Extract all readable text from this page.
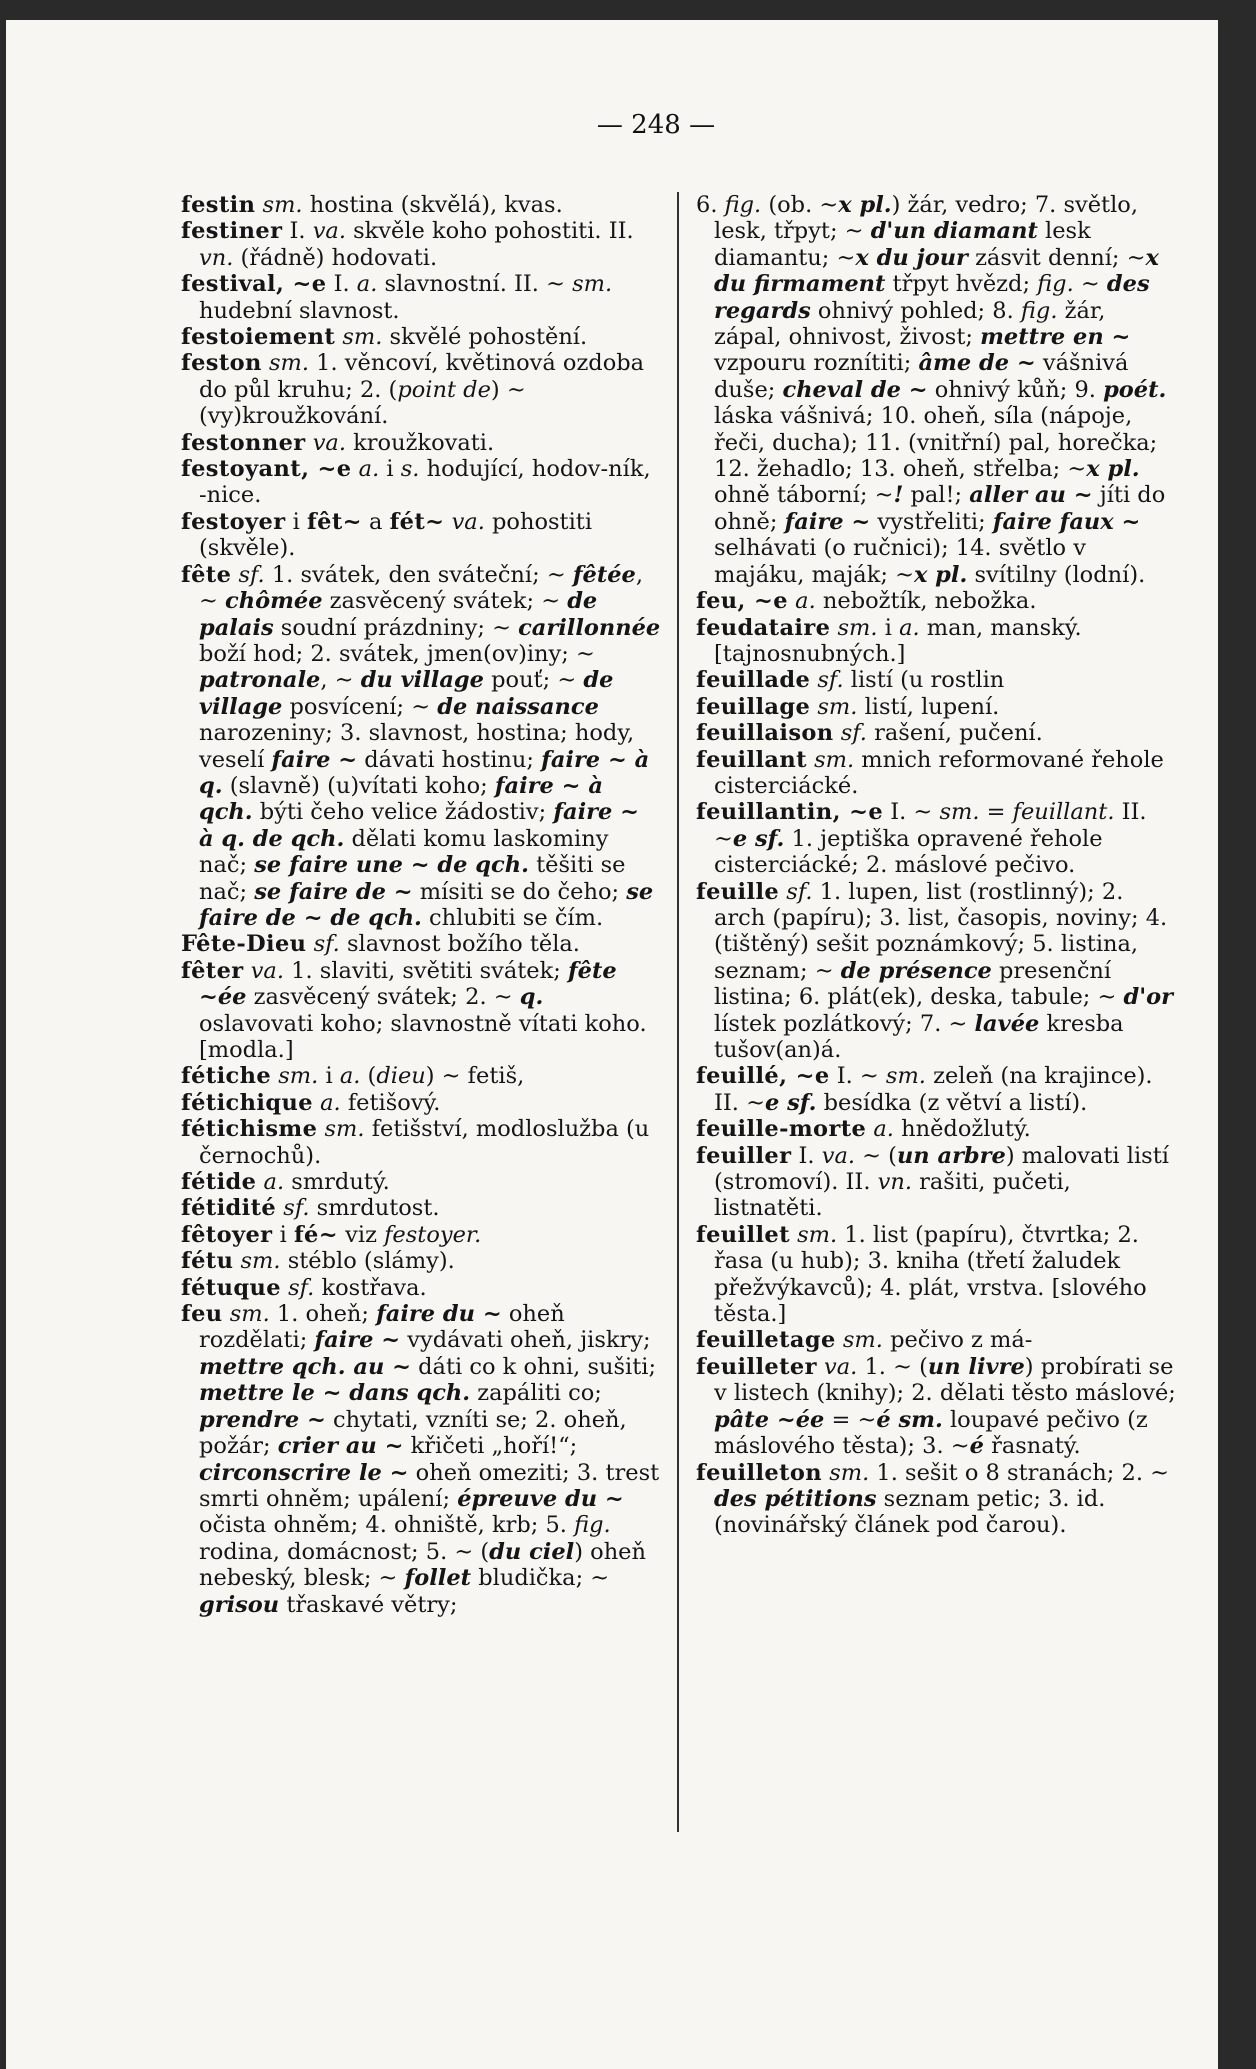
— 248 —

festin sm. hostina (skvělá), kvas.

festiner I. va. skvěle koho pohostiti. II. vn. (řádně) hodovati.

festival, ~e I. a. slavnostní. II. ~ sm. hudební slavnost.

festoiement sm. skvělé pohostění.

feston sm. 1. věncoví, květinová ozdoba do půl kruhu; 2. (point de) ~ (vy)kroužkování.

festonner va. kroužkovati.

festoyant, ~e a. i s. hodující, hodov-ník, -nice.

festoyer i fêt~ a fét~ va. pohostiti (skvěle).

fête sf. 1. svátek, den sváteční; ~ fêtée, ~ chômée zasvěcený svátek; ~ de palais soudní prázdniny; ~ carillonnée boží hod; 2. svátek, jmen(ov)iny; ~ patronale, ~ du village pouť; ~ de village posvícení; ~ de naissance narozeniny; 3. slavnost, hostina; hody, veselí faire ~ dávati hostinu; faire ~ à q. (slavně) (u)vítati koho; faire ~ à qch. býti čeho velice žádostiv; faire ~ à q. de qch. dělati komu laskominy nač; se faire une ~ de qch. těšiti se nač; se faire de ~ mísiti se do čeho; se faire de ~ de qch. chlubiti se čím.

Fête-Dieu sf. slavnost božího těla.

fêter va. 1. slaviti, světiti svátek; fête ~ée zasvěcený svátek; 2. ~ q. oslavovati koho; slavnostně vítati koho. [modla.]

fétiche sm. i a. (dieu) ~ fetiš,

fétichique a. fetišový.

fétichisme sm. fetišství, modloslužba (u černochů).

fétide a. smrdutý.

fétidité sf. smrdutost.

fêtoyer i fé~ viz festoyer.

fétu sm. stéblo (slámy).

fétuque sf. kostřava.

feu sm. 1. oheň; faire du ~ oheň rozdělati; faire ~ vydávati oheň, jiskry; mettre qch. au ~ dáti co k ohni, sušiti; mettre le ~ dans qch. zapáliti co; prendre ~ chytati, vzníti se; 2. oheň, požár; crier au ~ křičeti „hoří!“; circonscrire le ~ oheň omeziti; 3. trest smrti ohněm; upálení; épreuve du ~ očista ohněm; 4. ohniště, krb; 5. fig. rodina, domácnost; 5. ~ (du ciel) oheň nebeský, blesk; ~ follet bludička; ~ grisou třaskavé větry;

6. fig. (ob. ~x pl.) žár, vedro; 7. světlo, lesk, třpyt; ~ d'un diamant lesk diamantu; ~x du jour zásvit denní; ~x du firmament třpyt hvězd; fig. ~ des regards ohnivý pohled; 8. fig. žár, zápal, ohnivost, živost; mettre en ~ vzpouru roznítiti; âme de ~ vášnivá duše; cheval de ~ ohnivý kůň; 9. poét. láska vášnivá; 10. oheň, síla (nápoje, řeči, ducha); 11. (vnitřní) pal, horečka; 12. žehadlo; 13. oheň, střelba; ~x pl. ohně táborní; ~! pal!; aller au ~ jíti do ohně; faire ~ vystřeliti; faire faux ~ selhávati (o ručnici); 14. světlo v majáku, maják; ~x pl. svítilny (lodní).

feu, ~e a. nebožtík, nebožka.

feudataire sm. i a. man, manský. [tajnosnubných.]

feuillade sf. listí (u rostlin

feuillage sm. listí, lupení.

feuillaison sf. rašení, pučení.

feuillant sm. mnich reformované řehole cisterciácké.

feuillantin, ~e I. ~ sm. = feuillant. II. ~e sf. 1. jeptiška opravené řehole cisterciácké; 2. máslové pečivo.

feuille sf. 1. lupen, list (rostlinný); 2. arch (papíru); 3. list, časopis, noviny; 4. (tištěný) sešit poznámkový; 5. listina, seznam; ~ de présence presenční listina; 6. plát(ek), deska, tabule; ~ d'or lístek pozlátkový; 7. ~ lavée kresba tušov(an)á.

feuillé, ~e I. ~ sm. zeleň (na krajince). II. ~e sf. besídka (z větví a listí).

feuille-morte a. hnědožlutý.

feuiller I. va. ~ (un arbre) malovati listí (stromoví). II. vn. rašiti, pučeti, listnatěti.

feuillet sm. 1. list (papíru), čtvrtka; 2. řasa (u hub); 3. kniha (třetí žaludek přežvýkavců); 4. plát, vrstva. [slového těsta.]

feuilletage sm. pečivo z má-

feuilleter va. 1. ~ (un livre) probírati se v listech (knihy); 2. dělati těsto máslové; pâte ~ée = ~é sm. loupavé pečivo (z máslového těsta); 3. ~é řasnatý.

feuilleton sm. 1. sešit o 8 stranách; 2. ~ des pétitions seznam petic; 3. id. (novinářský článek pod čarou).
